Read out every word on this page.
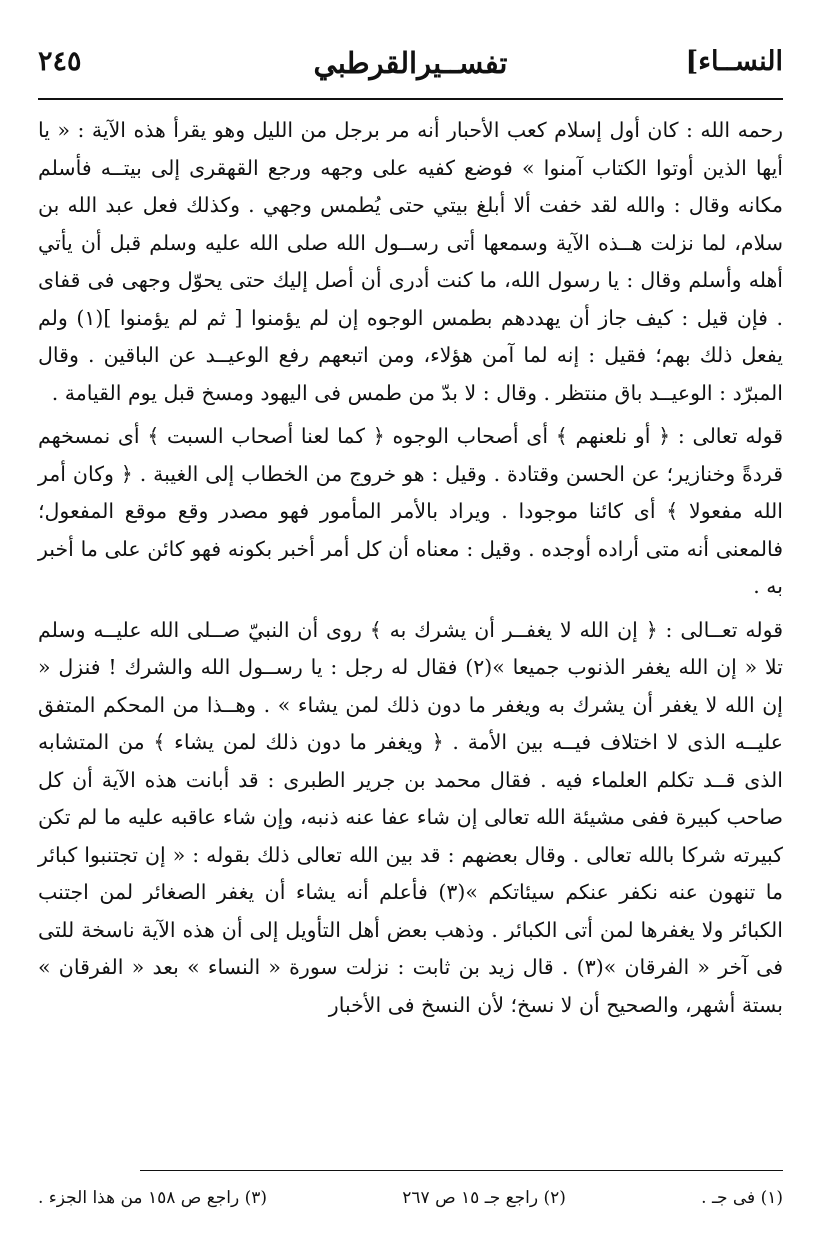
النســاء]
تفســيرالقرطبي
٢٤٥

رحمه الله : كان أول إسلام كعب الأحبار أنه مر برجل من الليل وهو يقرأ هذه الآية : « يا أيها الذين أوتوا الكتاب آمنوا » فوضع كفيه على وجهه ورجع القهقرى إلى بيتــه فأسلم مكانه وقال : والله لقد خفت ألا أبلغ بيتي حتى يُطمس وجهي . وكذلك فعل عبد الله بن سلام، لما نزلت هــذه الآية وسمعها أتى رســول الله صلى الله عليه وسلم قبل أن يأتي أهله وأسلم وقال : يا رسول الله، ما كنت أدرى أن أصل إليك حتى يحوّل وجهى فى قفاى . فإن قيل : كيف جاز أن يهددهم بطمس الوجوه إن لم يؤمنوا [ ثم لم يؤمنوا ](١) ولم يفعل ذلك بهم؛ فقيل : إنه لما آمن هؤلاء، ومن اتبعهم رفع الوعيــد عن الباقين . وقال المبرّد : الوعيــد باق منتظر . وقال : لا بدّ من طمس فى اليهود ومسخ قبل يوم القيامة .

قوله تعالى : ﴿ أو نلعنهم ﴾ أى أصحاب الوجوه ﴿ كما لعنا أصحاب السبت ﴾ أى نمسخهم قردةً وخنازير؛ عن الحسن وقتادة . وقيل : هو خروج من الخطاب إلى الغيبة . ﴿ وكان أمر الله مفعولا ﴾ أى كائنا موجودا . ويراد بالأمر المأمور فهو مصدر وقع موقع المفعول؛ فالمعنى أنه متى أراده أوجده . وقيل : معناه أن كل أمر أخبر بكونه فهو كائن على ما أخبر به .

قوله تعــالى : ﴿ إن الله لا يغفــر أن يشرك به ﴾ روى أن النبيّ صــلى الله عليــه وسلم تلا « إن الله يغفر الذنوب جميعا »(٢) فقال له رجل : يا رســول الله والشرك ! فنزل « إن الله لا يغفر أن يشرك به ويغفر ما دون ذلك لمن يشاء » . وهــذا من المحكم المتفق عليــه الذى لا اختلاف فيــه بين الأمة . ﴿ ويغفر ما دون ذلك لمن يشاء ﴾ من المتشابه الذى قــد تكلم العلماء فيه . فقال محمد بن جرير الطبرى : قد أبانت هذه الآية أن كل صاحب كبيرة ففى مشيئة الله تعالى إن شاء عفا عنه ذنبه، وإن شاء عاقبه عليه ما لم تكن كبيرته شركا بالله تعالى . وقال بعضهم : قد بين الله تعالى ذلك بقوله : « إن تجتنبوا كبائر ما تنهون عنه نكفر عنكم سيئاتكم »(٣) فأعلم أنه يشاء أن يغفر الصغائر لمن اجتنب الكبائر ولا يغفرها لمن أتى الكبائر . وذهب بعض أهل التأويل إلى أن هذه الآية ناسخة للتى فى آخر « الفرقان »(٣) . قال زيد بن ثابت : نزلت سورة « النساء » بعد « الفرقان » بستة أشهر، والصحيح أن لا نسخ؛ لأن النسخ فى الأخبار

(١) فى جـ .
(٢) راجع جـ ١٥ ص ٢٦٧
(٣) راجع ص ١٥٨ من هذا الجزء .
